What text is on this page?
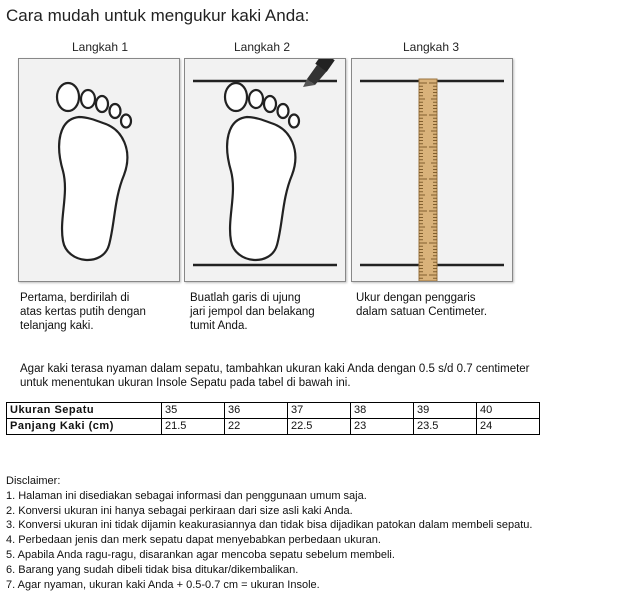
Cara mudah untuk mengukur kaki Anda:
Langkah 1	Langkah 2	Langkah 3
Pertama, berdirilah di
atas kertas putih dengan
telanjang kaki.
Buatlah garis di ujung
jari jempol dan belakang
tumit Anda.
Ukur dengan penggaris
dalam satuan Centimeter.
Agar kaki terasa nyaman dalam sepatu, tambahkan ukuran kaki Anda dengan 0.5 s/d 0.7 centimeter
untuk menentukan ukuran Insole Sepatu pada tabel di bawah ini.
Ukuran Sepatu	35	36	37	38	39	40
Panjang Kaki (cm)	21.5	22	22.5	23	23.5	24
Disclaimer:
1. Halaman ini disediakan sebagai informasi dan penggunaan umum saja.
2. Konversi ukuran ini hanya sebagai perkiraan dari size asli kaki Anda.
3. Konversi ukuran ini tidak dijamin keakurasiannya dan tidak bisa dijadikan patokan dalam membeli sepatu.
4. Perbedaan jenis dan merk sepatu dapat menyebabkan perbedaan ukuran.
5. Apabila Anda ragu-ragu, disarankan agar mencoba sepatu sebelum membeli.
6. Barang yang sudah dibeli tidak bisa ditukar/dikembalikan.
7. Agar nyaman, ukuran kaki Anda + 0.5-0.7 cm = ukuran Insole.
